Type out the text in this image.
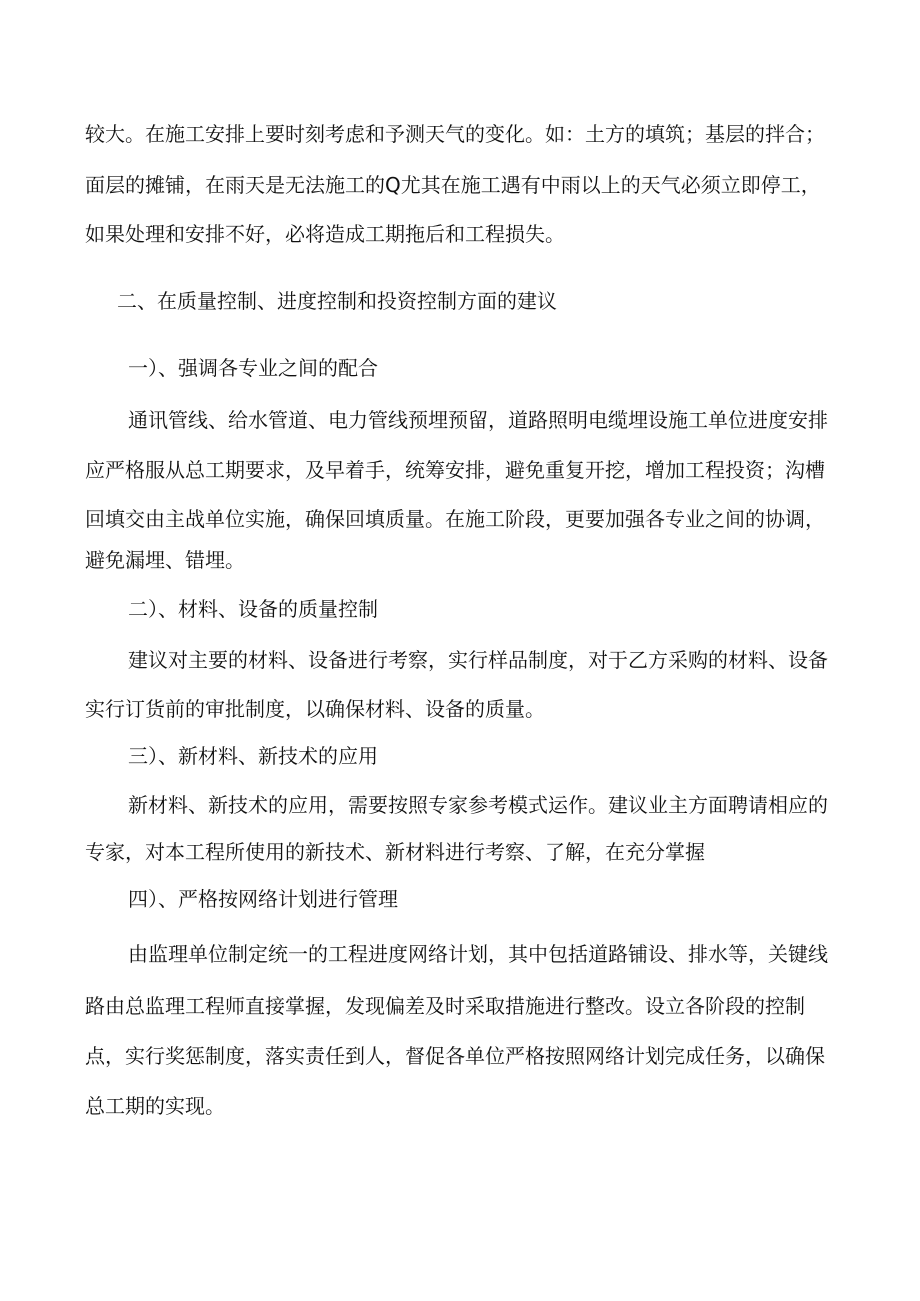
较大。在施工安排上要时刻考虑和予测天气的变化。如：土方的填筑；基层的拌合；
面层的摊铺，在雨天是无法施工的Q尤其在施工遇有中雨以上的天气必须立即停工，
如果处理和安排不好，必将造成工期拖后和工程损失。
二、在质量控制、进度控制和投资控制方面的建议
一）、强调各专业之间的配合
通讯管线、给水管道、电力管线预埋预留，道路照明电缆埋设施工单位进度安排
应严格服从总工期要求，及早着手，统筹安排，避免重复开挖，增加工程投资；沟槽
回填交由主战单位实施，确保回填质量。在施工阶段，更要加强各专业之间的协调，
避免漏埋、错埋。
二）、材料、设备的质量控制
建议对主要的材料、设备进行考察，实行样品制度，对于乙方采购的材料、设备
实行订货前的审批制度，以确保材料、设备的质量。
三）、新材料、新技术的应用
新材料、新技术的应用，需要按照专家参考模式运作。建议业主方面聘请相应的
专家，对本工程所使用的新技术、新材料进行考察、了解，在充分掌握
四）、严格按网络计划进行管理
由监理单位制定统一的工程进度网络计划，其中包括道路铺设、排水等，关键线
路由总监理工程师直接掌握，发现偏差及时采取措施进行整改。设立各阶段的控制
点，实行奖惩制度，落实责任到人，督促各单位严格按照网络计划完成任务，以确保
总工期的实现。
